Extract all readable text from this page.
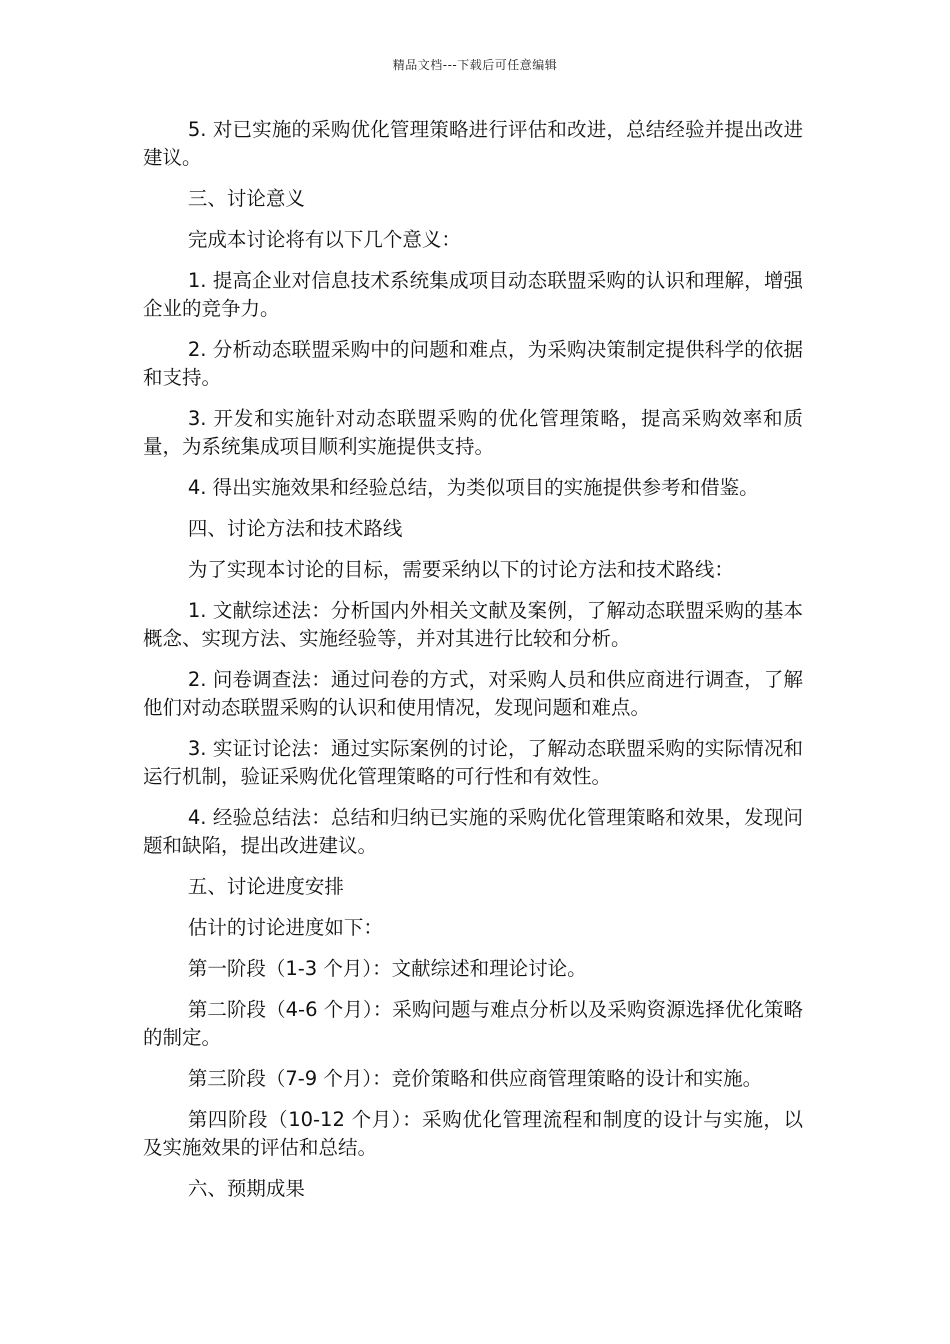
精品文档---下载后可任意编辑

5. 对已实施的采购优化管理策略进行评估和改进，总结经验并提出改进建议。

三、讨论意义

完成本讨论将有以下几个意义：

1. 提高企业对信息技术系统集成项目动态联盟采购的认识和理解，增强企业的竞争力。

2. 分析动态联盟采购中的问题和难点，为采购决策制定提供科学的依据和支持。

3. 开发和实施针对动态联盟采购的优化管理策略，提高采购效率和质量，为系统集成项目顺利实施提供支持。

4. 得出实施效果和经验总结，为类似项目的实施提供参考和借鉴。

四、讨论方法和技术路线

为了实现本讨论的目标，需要采纳以下的讨论方法和技术路线：

1. 文献综述法：分析国内外相关文献及案例，了解动态联盟采购的基本概念、实现方法、实施经验等，并对其进行比较和分析。

2. 问卷调查法：通过问卷的方式，对采购人员和供应商进行调查，了解他们对动态联盟采购的认识和使用情况，发现问题和难点。

3. 实证讨论法：通过实际案例的讨论，了解动态联盟采购的实际情况和运行机制，验证采购优化管理策略的可行性和有效性。

4. 经验总结法：总结和归纳已实施的采购优化管理策略和效果，发现问题和缺陷，提出改进建议。

五、讨论进度安排

估计的讨论进度如下：

第一阶段（1-3 个月）：文献综述和理论讨论。

第二阶段（4-6 个月）：采购问题与难点分析以及采购资源选择优化策略的制定。

第三阶段（7-9 个月）：竞价策略和供应商管理策略的设计和实施。

第四阶段（10-12 个月）：采购优化管理流程和制度的设计与实施，以及实施效果的评估和总结。

六、预期成果
